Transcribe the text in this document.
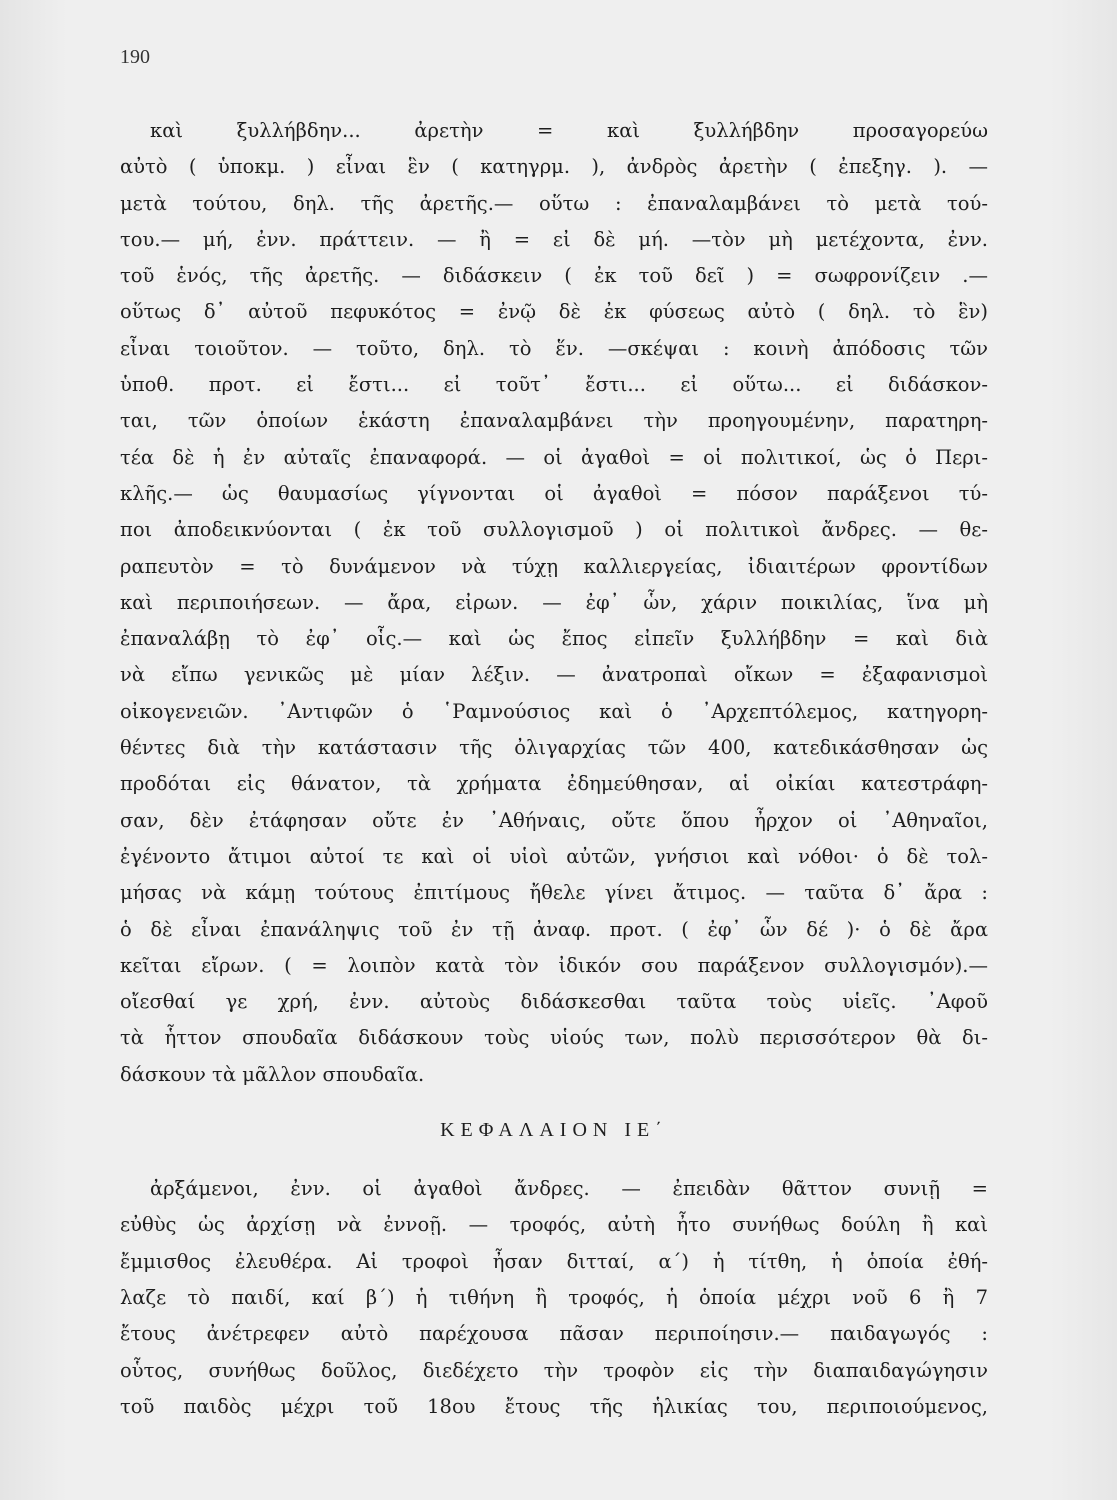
190
καὶ ξυλλήβδην... ἀρετὴν = καὶ ξυλλήβδην προσαγορεύω
αὐτὸ ( ὑποκμ. ) εἶναι ἓν ( κατηγρμ. ), ἀνδρὸς ἀρετὴν ( ἐπεξηγ. ). —
μετὰ τούτου, δηλ. τῆς ἀρετῆς.— οὕτω : ἐπαναλαμβάνει τὸ μετὰ τού-
του.— μή, ἐνν. πράττειν. — ἢ = εἰ δὲ μή. —τὸν μὴ μετέχοντα, ἐνν.
τοῦ ἑνός, τῆς ἀρετῆς. — διδάσκειν ( ἐκ τοῦ δεῖ ) = σωφρονίζειν .—
οὕτως δ᾽ αὐτοῦ πεφυκότος = ἐνῷ δὲ ἐκ φύσεως αὐτὸ ( δηλ. τὸ ἓν)
εἶναι τοιοῦτον. — τοῦτο, δηλ. τὸ ἕν. —σκέψαι : κοινὴ ἀπόδοσις τῶν
ὑποθ. προτ. εἰ ἔστι... εἰ τοῦτ᾽ ἔστι... εἰ οὕτω... εἰ διδάσκον-
ται, τῶν ὁποίων ἑκάστη ἐπαναλαμβάνει τὴν προηγουμένην, παρατηρη-
τέα δὲ ἡ ἐν αὐταῖς ἐπαναφορά. — οἱ ἀγαθοὶ = οἱ πολιτικοί, ὡς ὁ Περι-
κλῆς.— ὡς θαυμασίως γίγνονται οἱ ἀγαθοὶ = πόσον παράξενοι τύ-
ποι ἀποδεικνύονται ( ἐκ τοῦ συλλογισμοῦ ) οἱ πολιτικοὶ ἄνδρες. — θε-
ραπευτὸν = τὸ δυνάμενον νὰ τύχῃ καλλιεργείας, ἰδιαιτέρων φροντίδων
καὶ περιποιήσεων. — ἄρα, εἰρων. — ἐφ᾽ ὧν, χάριν ποικιλίας, ἵνα μὴ
ἐπαναλάβῃ τὸ ἐφ᾽ οἷς.— καὶ ὡς ἔπος εἰπεῖν ξυλλήβδην = καὶ διὰ
νὰ εἴπω γενικῶς μὲ μίαν λέξιν. — ἀνατροπαὶ οἴκων = ἐξαφανισμοὶ
οἰκογενειῶν. ᾽Αντιφῶν ὁ ῾Ραμνούσιος καὶ ὁ ᾽Αρχεπτόλεμος, κατηγορη-
θέντες διὰ τὴν κατάστασιν τῆς ὀλιγαρχίας τῶν 400, κατεδικάσθησαν ὡς
προδόται εἰς θάνατον, τὰ χρήματα ἐδημεύθησαν, αἱ οἰκίαι κατεστράφη-
σαν, δὲν ἐτάφησαν οὔτε ἐν ᾽Αθήναις, οὔτε ὅπου ἦρχον οἱ ᾽Αθηναῖοι,
ἐγένοντο ἄτιμοι αὐτοί τε καὶ οἱ υἱοὶ αὐτῶν, γνήσιοι καὶ νόθοι· ὁ δὲ τολ-
μήσας νὰ κάμῃ τούτους ἐπιτίμους ἤθελε γίνει ἄτιμος. — ταῦτα δ᾽ ἄρα :
ὁ δὲ εἶναι ἐπανάληψις τοῦ ἐν τῇ ἀναφ. προτ. ( ἐφ᾽ ὧν δέ )· ὁ δὲ ἄρα
κεῖται εἴρων. ( = λοιπὸν κατὰ τὸν ἰδικόν σου παράξενον συλλογισμόν).—
οἴεσθαί γε χρή, ἐνν. αὐτοὺς διδάσκεσθαι ταῦτα τοὺς υἱεῖς. ᾽Αφοῦ
τὰ ἧττον σπουδαῖα διδάσκουν τοὺς υἱούς των, πολὺ περισσότερον θὰ δι-
δάσκουν τὰ μᾶλλον σπουδαῖα.
ΚΕΦΑΛΑΙΟΝ ΙΕ΄
ἀρξάμενοι, ἐνν. οἱ ἀγαθοὶ ἄνδρες. — ἐπειδὰν θᾶττον συνιῇ =
εὐθὺς ὡς ἀρχίσῃ νὰ ἐννοῇ. — τροφός, αὐτὴ ἦτο συνήθως δούλη ἢ καὶ
ἔμμισθος ἐλευθέρα. Αἱ τροφοὶ ἦσαν διτταί, α΄) ἡ τίτθη, ἡ ὁποία ἐθή-
λαζε τὸ παιδί, καί β΄) ἡ τιθήνη ἢ τροφός, ἡ ὁποία μέχρι νοῦ 6 ἢ 7
ἔτους ἀνέτρεφεν αὐτὸ παρέχουσα πᾶσαν περιποίησιν.— παιδαγωγός :
οὗτος, συνήθως δοῦλος, διεδέχετο τὴν τροφὸν εἰς τὴν διαπαιδαγώγησιν
τοῦ παιδὸς μέχρι τοῦ 18ου ἔτους τῆς ἡλικίας του, περιποιούμενος,
